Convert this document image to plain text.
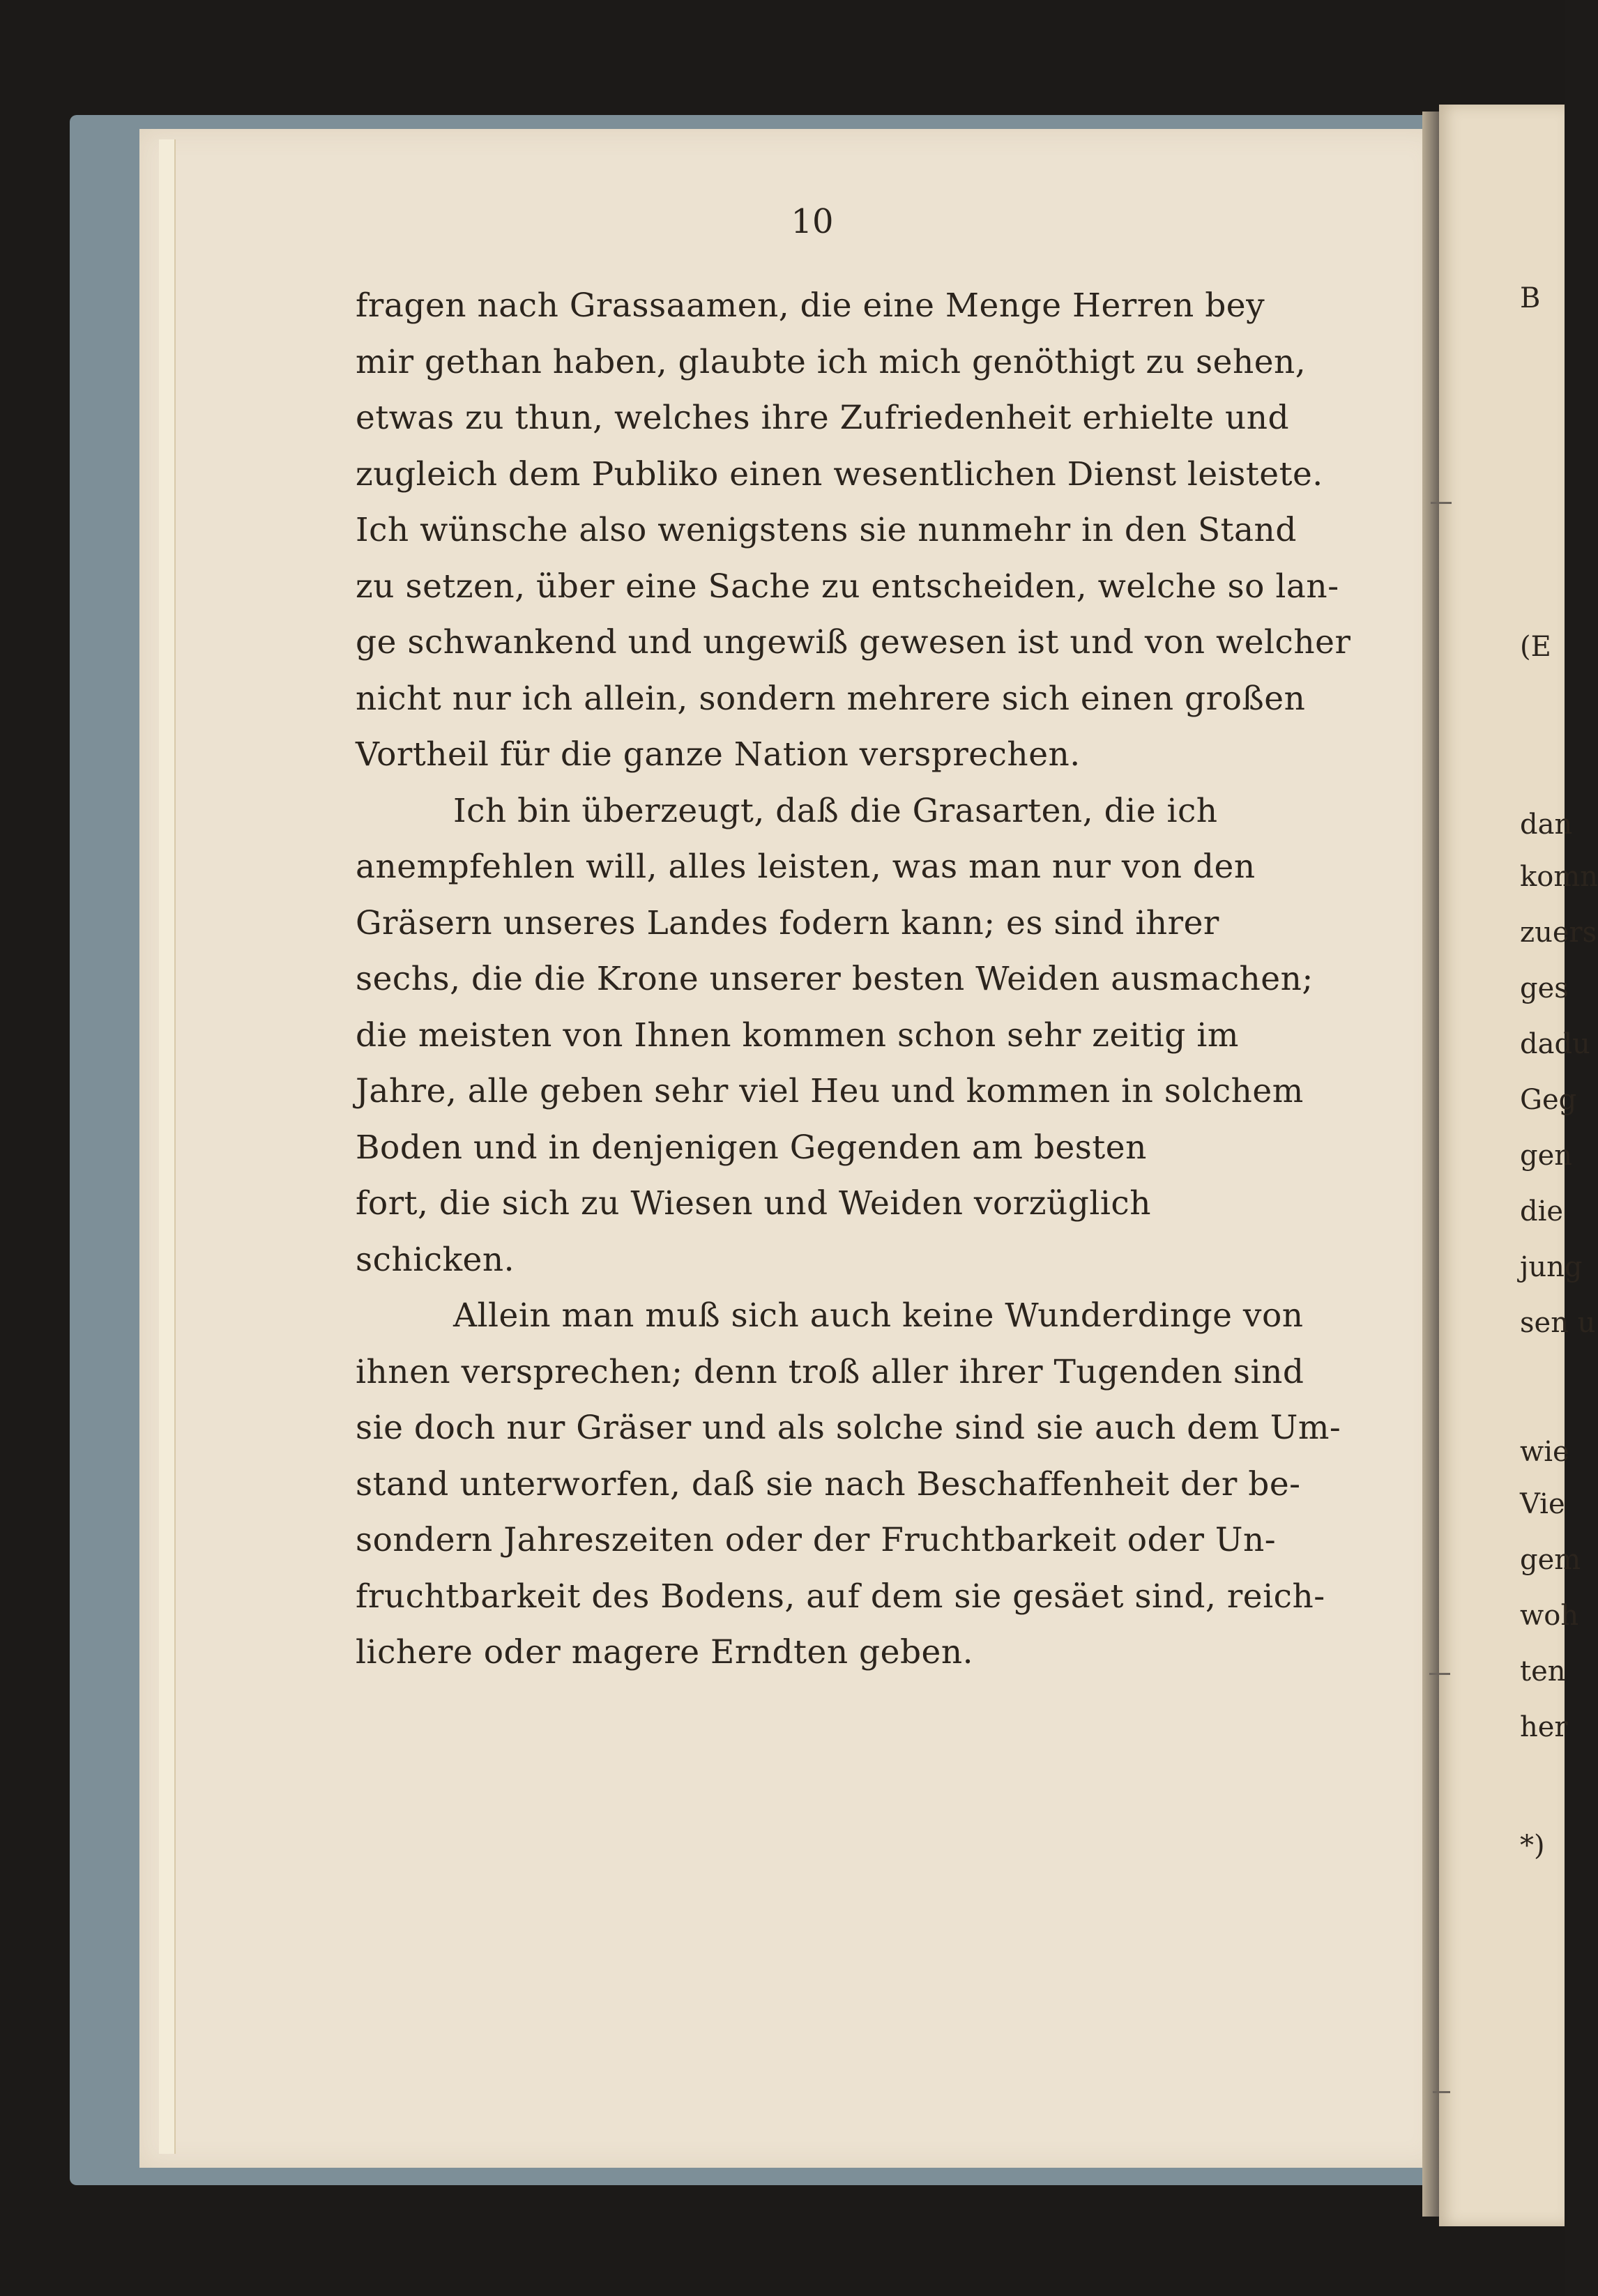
10
fragen nach Grassaamen, die eine Menge Herren bey
mir gethan haben, glaubte ich mich genöthigt zu sehen,
etwas zu thun, welches ihre Zufriedenheit erhielte und
zugleich dem Publiko einen wesentlichen Dienst leistete.
Ich wünsche also wenigstens sie nunmehr in den Stand
zu setzen, über eine Sache zu entscheiden, welche so lan-
ge schwankend und ungewiß gewesen ist und von welcher
nicht nur ich allein, sondern mehrere sich einen großen
Vortheil für die ganze Nation versprechen.
Ich bin überzeugt, daß die Grasarten, die ich
anempfehlen will, alles leisten, was man nur von den
Gräsern unseres Landes fodern kann; es sind ihrer
sechs, die die Krone unserer besten Weiden ausmachen;
die meisten von Ihnen kommen schon sehr zeitig im
Jahre, alle geben sehr viel Heu und kommen in solchem
Boden und in denjenigen Gegenden am besten
fort, die sich zu Wiesen und Weiden vorzüglich
schicken.
Allein man muß sich auch keine Wunderdinge von
ihnen versprechen; denn troß aller ihrer Tugenden sind
sie doch nur Gräser und als solche sind sie auch dem Um-
stand unterworfen, daß sie nach Beschaffenheit der be-
sondern Jahreszeiten oder der Fruchtbarkeit oder Un-
fruchtbarkeit des Bodens, auf dem sie gesäet sind, reich-
lichere oder magere Erndten geben.
B
(E
dan
komn
zuers
ges
dadu
Geg
gen
die
jung
sen u
wie
Vie
gem
woh
ten
her
*)
